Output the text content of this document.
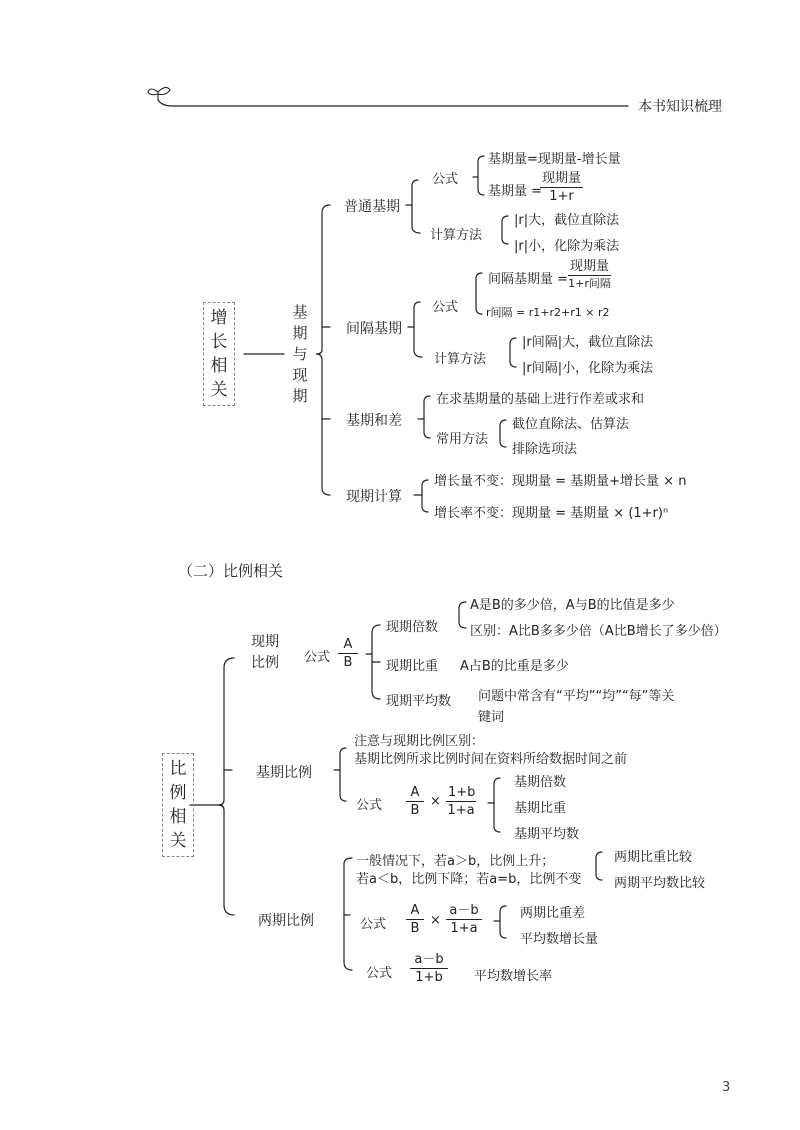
本书知识梳理
增长相关
基期与现期
普通基期
公式
基期量=现期量-增长量
基期量 =
现期量
1+r
计算方法
|r|大，截位直除法
|r|小，化除为乘法
间隔基期
公式
间隔基期量 =
现期量
1+r间隔
r间隔 = r1+r2+r1 × r2
计算方法
|r间隔|大，截位直除法
|r间隔|小，化除为乘法
基期和差
在求基期量的基础上进行作差或求和
常用方法
截位直除法、估算法
排除选项法
现期计算
增长量不变：现期量 = 基期量+增长量 × n
增长率不变：现期量 = 基期量 × (1+r)ⁿ
（二）比例相关
比例相关
现期比例 公式 $\frac{A}{B}$
现期倍数
A是B的多少倍，A与B的比值是多少
区别：A比B多多少倍（A比B增长了多少倍）
现期比重 A占B的比重是多少
现期平均数 问题中常含有“平均”“均”“每”等关
键词
基期比例
注意与现期比例区别：
基期比例所求比例时间在资料所给数据时间之前
公式 $\frac{A}{B} \times \frac{1+b}{1+a}$
基期倍数
基期比重
基期平均数
两期比例
一般情况下，若a＞b，比例上升；
若a＜b，比例下降；若a=b，比例不变
两期比重比较
两期平均数比较
公式 $\frac{A}{B} \times \frac{a-b}{1+a}$	两期比重差
平均数增长量
公式 $\frac{a-b}{1+b}$ 平均数增长率
3
